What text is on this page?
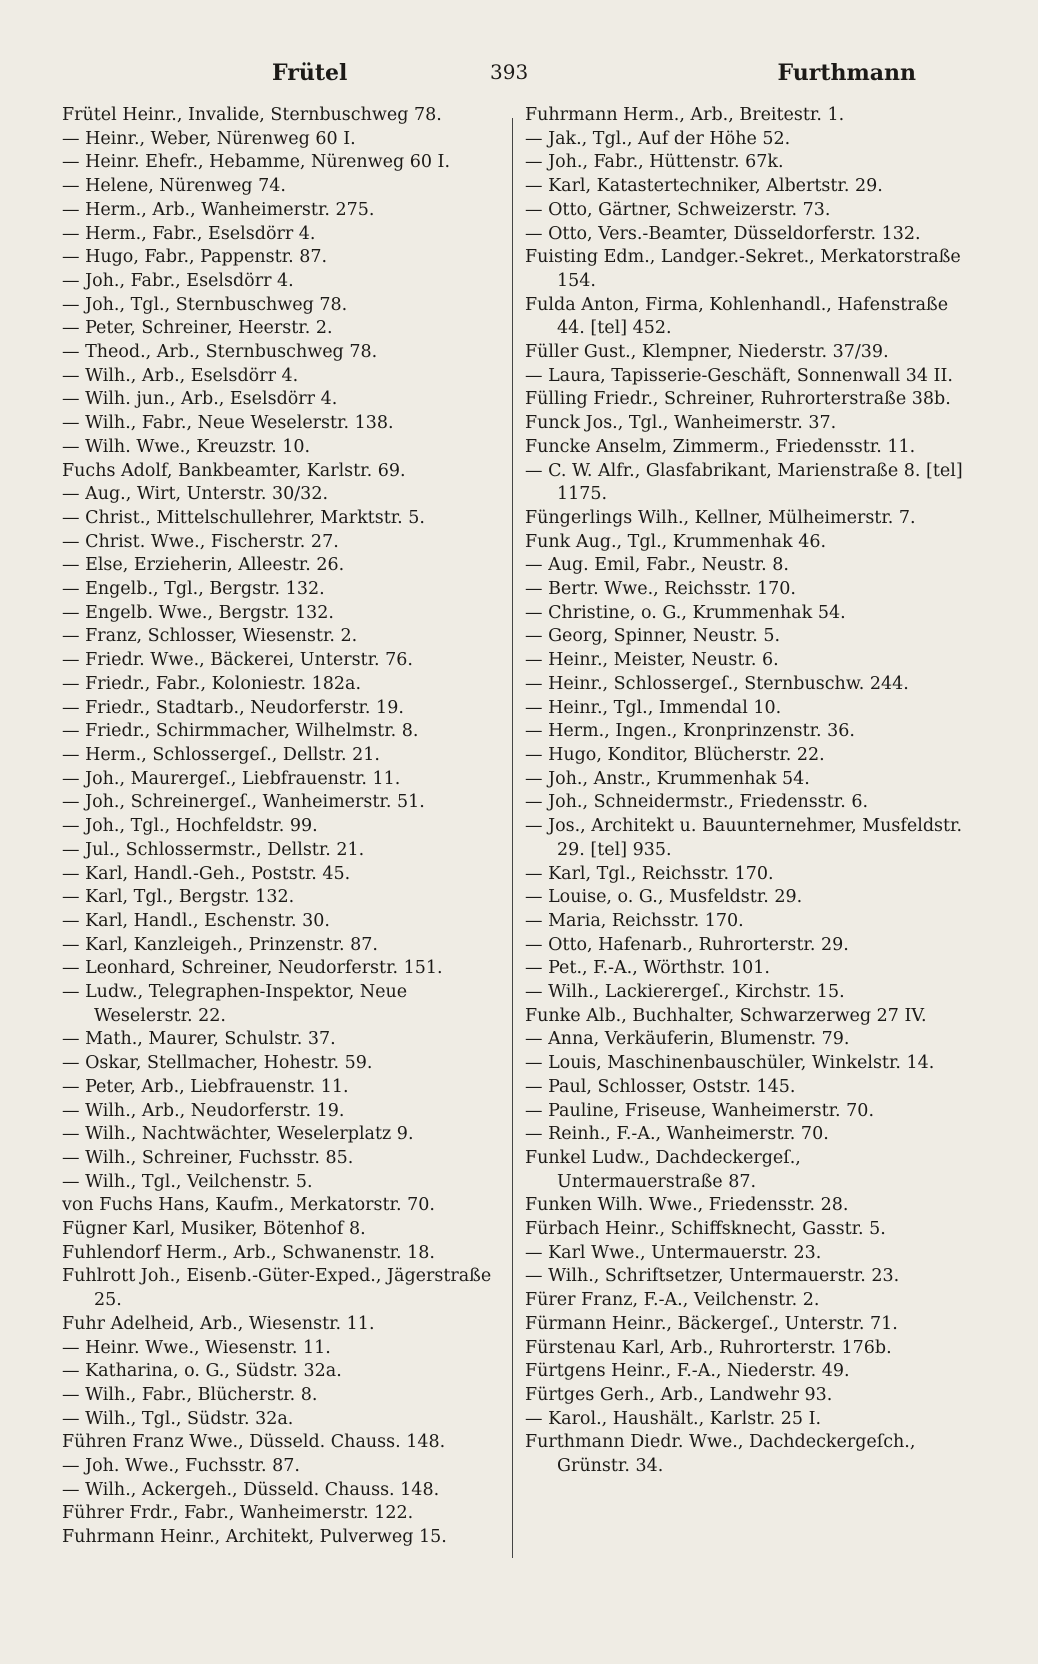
Frütel	393	Furthmann
Frütel Heinr., Invalide, Sternbuschweg 78.
— Heinr., Weber, Nürenweg 60 I.
— Heinr. Ehefr., Hebamme, Nürenweg 60 I.
— Helene, Nürenweg 74.
— Herm., Arb., Wanheimerstr. 275.
— Herm., Fabr., Eselsdörr 4.
— Hugo, Fabr., Pappenstr. 87.
— Joh., Fabr., Eselsdörr 4.
— Joh., Tgl., Sternbuschweg 78.
— Peter, Schreiner, Heerstr. 2.
— Theod., Arb., Sternbuschweg 78.
— Wilh., Arb., Eselsdörr 4.
— Wilh. jun., Arb., Eselsdörr 4.
— Wilh., Fabr., Neue Weselerstr. 138.
— Wilh. Wwe., Kreuzstr. 10.
Fuchs Adolf, Bankbeamter, Karlstr. 69.
— Aug., Wirt, Unterstr. 30/32.
— Christ., Mittelschullehrer, Marktstr. 5.
— Christ. Wwe., Fischerstr. 27.
— Else, Erzieherin, Alleestr. 26.
— Engelb., Tgl., Bergstr. 132.
— Engelb. Wwe., Bergstr. 132.
— Franz, Schlosser, Wiesenstr. 2.
— Friedr. Wwe., Bäckerei, Unterstr. 76.
— Friedr., Fabr., Koloniestr. 182a.
— Friedr., Stadtarb., Neudorferstr. 19.
— Friedr., Schirmmacher, Wilhelmstr. 8.
— Herm., Schlossergeſ., Dellstr. 21.
— Joh., Maurergeſ., Liebfrauenstr. 11.
— Joh., Schreinergeſ., Wanheimerstr. 51.
— Joh., Tgl., Hochfeldstr. 99.
— Jul., Schlossermstr., Dellstr. 21.
— Karl, Handl.-Geh., Poststr. 45.
— Karl, Tgl., Bergstr. 132.
— Karl, Handl., Eschenstr. 30.
— Karl, Kanzleigeh., Prinzenstr. 87.
— Leonhard, Schreiner, Neudorferstr. 151.
— Ludw., Telegraphen-Inspektor, Neue Weselerstr. 22.
— Math., Maurer, Schulstr. 37.
— Oskar, Stellmacher, Hohestr. 59.
— Peter, Arb., Liebfrauenstr. 11.
— Wilh., Arb., Neudorferstr. 19.
— Wilh., Nachtwächter, Weselerplatz 9.
— Wilh., Schreiner, Fuchsstr. 85.
— Wilh., Tgl., Veilchenstr. 5.
von Fuchs Hans, Kaufm., Merkatorstr. 70.
Fügner Karl, Musiker, Bötenhof 8.
Fuhlendorf Herm., Arb., Schwanenstr. 18.
Fuhlrott Joh., Eisenb.-Güter-Exped., Jägerstraße 25.
Fuhr Adelheid, Arb., Wiesenstr. 11.
— Heinr. Wwe., Wiesenstr. 11.
— Katharina, o. G., Südstr. 32a.
— Wilh., Fabr., Blücherstr. 8.
— Wilh., Tgl., Südstr. 32a.
Führen Franz Wwe., Düsseld. Chauss. 148.
— Joh. Wwe., Fuchsstr. 87.
— Wilh., Ackergeh., Düsseld. Chauss. 148.
Führer Frdr., Fabr., Wanheimerstr. 122.
Fuhrmann Heinr., Architekt, Pulverweg 15.
Fuhrmann Herm., Arb., Breitestr. 1.
— Jak., Tgl., Auf der Höhe 52.
— Joh., Fabr., Hüttenstr. 67k.
— Karl, Katastertechniker, Albertstr. 29.
— Otto, Gärtner, Schweizerstr. 73.
— Otto, Vers.-Beamter, Düsseldorferstr. 132.
Fuisting Edm., Landger.-Sekret., Merkatorstraße 154.
Fulda Anton, Firma, Kohlenhandl., Hafenstraße 44. [tel] 452.
Füller Gust., Klempner, Niederstr. 37/39.
— Laura, Tapisserie-Geschäft, Sonnenwall 34 II.
Fülling Friedr., Schreiner, Ruhrorterstraße 38b.
Funck Jos., Tgl., Wanheimerstr. 37.
Funcke Anselm, Zimmerm., Friedensstr. 11.
— C. W. Alfr., Glasfabrikant, Marienstraße 8. [tel] 1175.
Füngerlings Wilh., Kellner, Mülheimerstr. 7.
Funk Aug., Tgl., Krummenhak 46.
— Aug. Emil, Fabr., Neustr. 8.
— Bertr. Wwe., Reichsstr. 170.
— Christine, o. G., Krummenhak 54.
— Georg, Spinner, Neustr. 5.
— Heinr., Meister, Neustr. 6.
— Heinr., Schlossergeſ., Sternbuschw. 244.
— Heinr., Tgl., Immendal 10.
— Herm., Ingen., Kronprinzenstr. 36.
— Hugo, Konditor, Blücherstr. 22.
— Joh., Anstr., Krummenhak 54.
— Joh., Schneidermstr., Friedensstr. 6.
— Jos., Architekt u. Bauunternehmer, Musfeldstr. 29. [tel] 935.
— Karl, Tgl., Reichsstr. 170.
— Louise, o. G., Musfeldstr. 29.
— Maria, Reichsstr. 170.
— Otto, Hafenarb., Ruhrorterstr. 29.
— Pet., F.-A., Wörthstr. 101.
— Wilh., Lackierergeſ., Kirchstr. 15.
Funke Alb., Buchhalter, Schwarzerweg 27 IV.
— Anna, Verkäuferin, Blumenstr. 79.
— Louis, Maschinenbauschüler, Winkelstr. 14.
— Paul, Schlosser, Oststr. 145.
— Pauline, Friseuse, Wanheimerstr. 70.
— Reinh., F.-A., Wanheimerstr. 70.
Funkel Ludw., Dachdeckergeſ., Untermauerstraße 87.
Funken Wilh. Wwe., Friedensstr. 28.
Fürbach Heinr., Schiffsknecht, Gasstr. 5.
— Karl Wwe., Untermauerstr. 23.
— Wilh., Schriftsetzer, Untermauerstr. 23.
Fürer Franz, F.-A., Veilchenstr. 2.
Fürmann Heinr., Bäckergeſ., Unterstr. 71.
Fürstenau Karl, Arb., Ruhrorterstr. 176b.
Fürtgens Heinr., F.-A., Niederstr. 49.
Fürtges Gerh., Arb., Landwehr 93.
— Karol., Haushält., Karlstr. 25 I.
Furthmann Diedr. Wwe., Dachdeckergeſch., Grünstr. 34.
